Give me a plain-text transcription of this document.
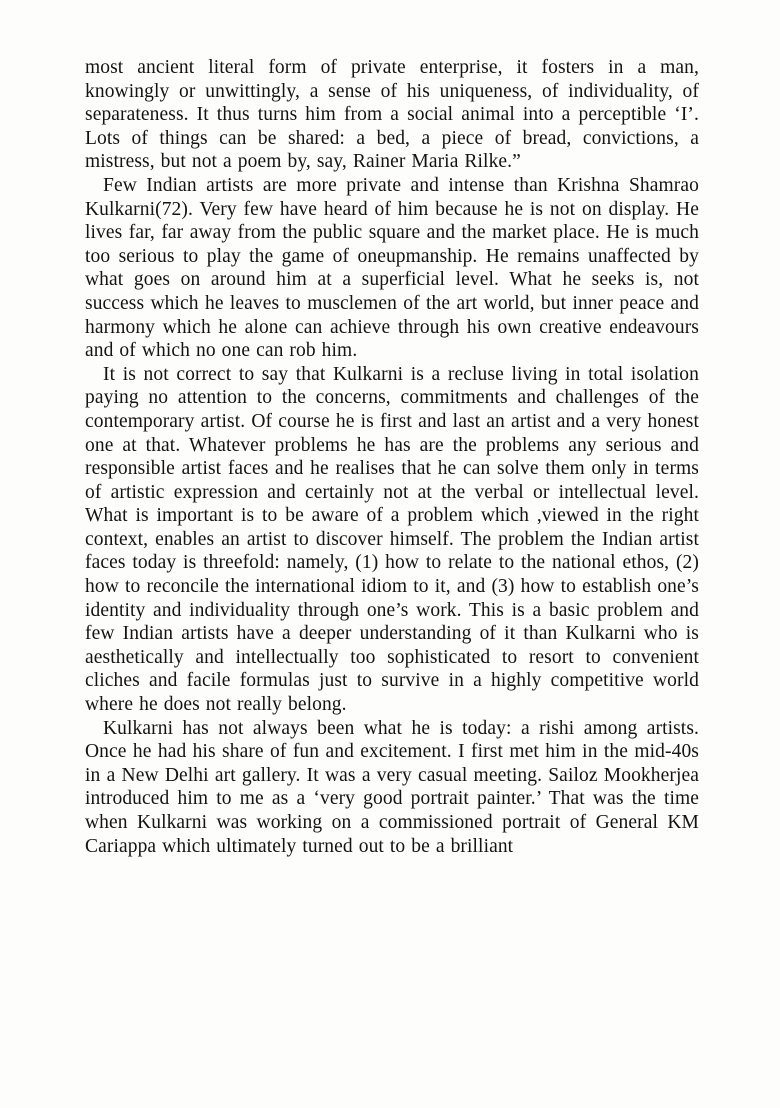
most ancient literal form of private enterprise, it fosters in a man, knowingly or unwittingly, a sense of his uniqueness, of individuality, of separateness. It thus turns him from a social animal into a perceptible ‘I’. Lots of things can be shared: a bed, a piece of bread, convictions, a mistress, but not a poem by, say, Rainer Maria Rilke.”

Few Indian artists are more private and intense than Krishna Shamrao Kulkarni(72). Very few have heard of him because he is not on display. He lives far, far away from the public square and the market place. He is much too serious to play the game of oneupmanship. He remains unaffected by what goes on around him at a superficial level. What he seeks is, not success which he leaves to musclemen of the art world, but inner peace and harmony which he alone can achieve through his own creative endeavours and of which no one can rob him.

It is not correct to say that Kulkarni is a recluse living in total isolation paying no attention to the concerns, commitments and challenges of the contemporary artist. Of course he is first and last an artist and a very honest one at that. Whatever problems he has are the problems any serious and responsible artist faces and he realises that he can solve them only in terms of artistic expression and certainly not at the verbal or intellectual level. What is important is to be aware of a problem which ,viewed in the right context, enables an artist to discover himself. The problem the Indian artist faces today is threefold: namely, (1) how to relate to the national ethos, (2) how to reconcile the international idiom to it, and (3) how to establish one’s identity and individuality through one’s work. This is a basic problem and few Indian artists have a deeper understanding of it than Kulkarni who is aesthetically and intellectually too sophisticated to resort to convenient cliches and facile formulas just to survive in a highly competitive world where he does not really belong.

Kulkarni has not always been what he is today: a rishi among artists. Once he had his share of fun and excitement. I first met him in the mid-40s in a New Delhi art gallery. It was a very casual meeting. Sailoz Mookherjea introduced him to me as a ‘very good portrait painter.’ That was the time when Kulkarni was working on a commissioned portrait of General KM Cariappa which ultimately turned out to be a brilliant
